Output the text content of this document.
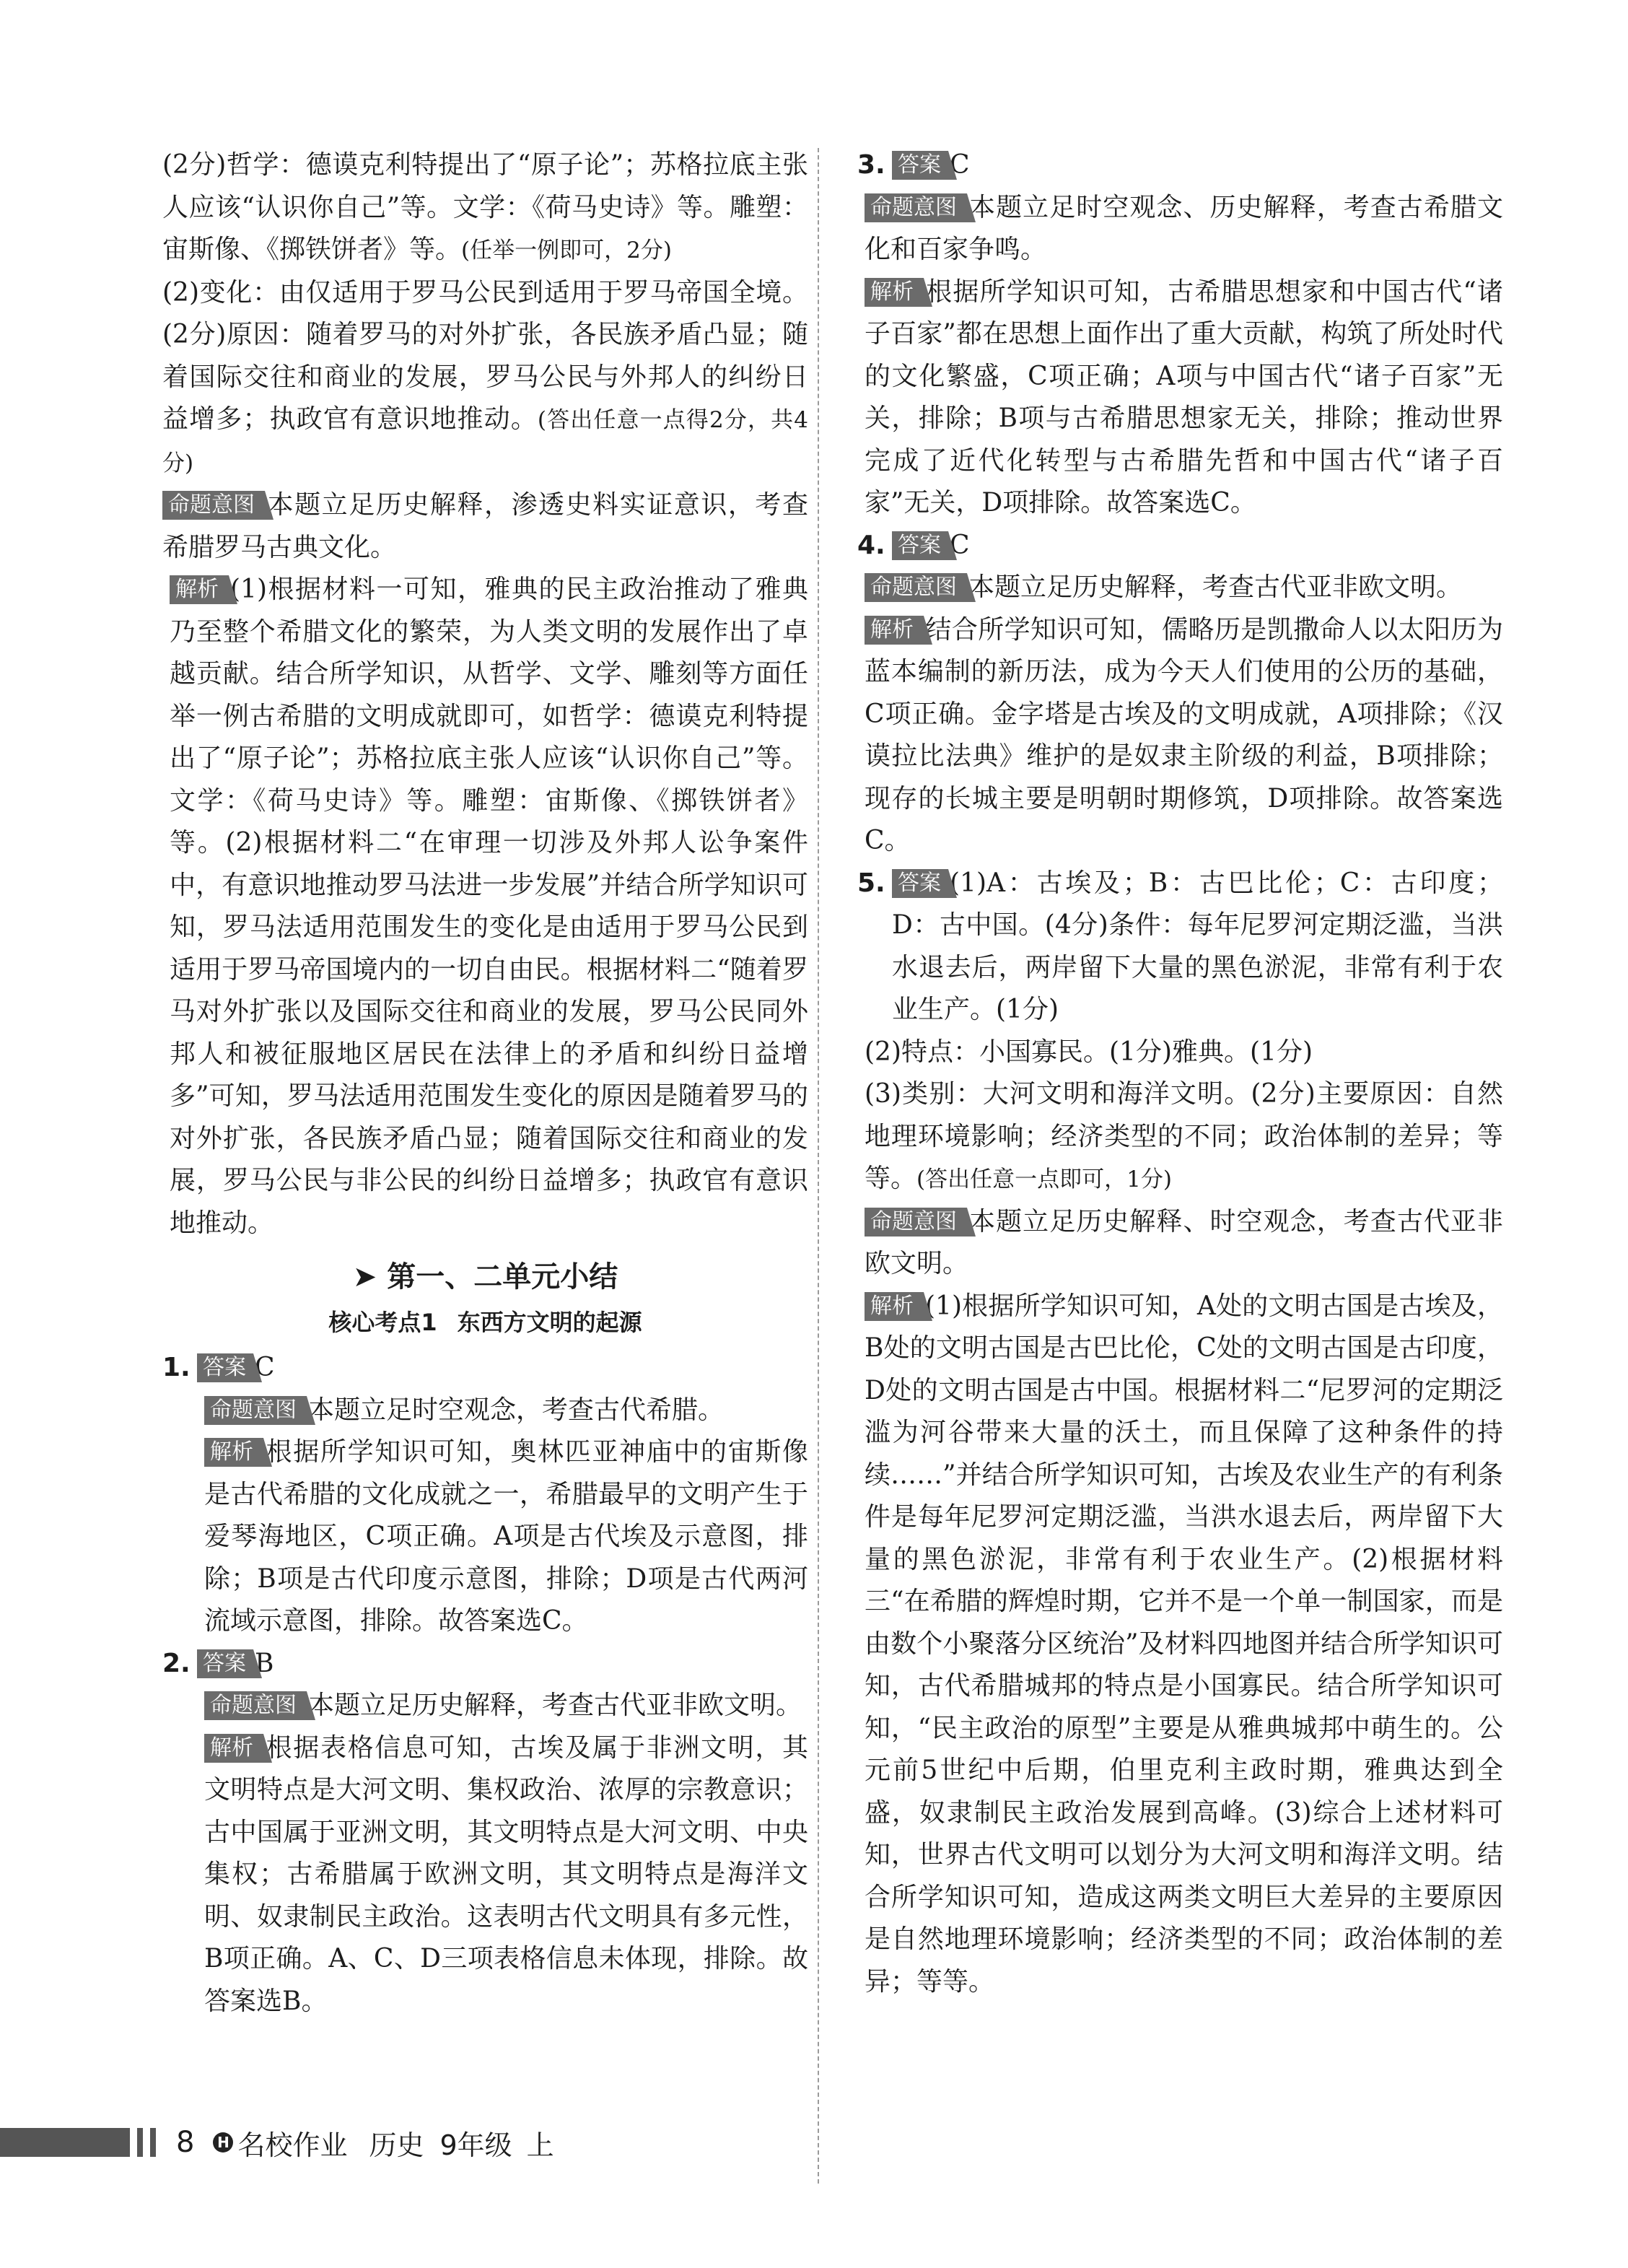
(2分)哲学：德谟克利特提出了“原子论”；苏格拉底主张人应该“认识你自己”等。文学：《荷马史诗》等。雕塑：宙斯像、《掷铁饼者》等。(任举一例即可，2分)

(2)变化：由仅适用于罗马公民到适用于罗马帝国全境。(2分)原因：随着罗马的对外扩张，各民族矛盾凸显；随着国际交往和商业的发展，罗马公民与外邦人的纠纷日益增多；执政官有意识地推动。(答出任意一点得2分，共4分)

命题意图 本题立足历史解释，渗透史料实证意识，考查希腊罗马古典文化。

解析 (1)根据材料一可知，雅典的民主政治推动了雅典乃至整个希腊文化的繁荣，为人类文明的发展作出了卓越贡献。结合所学知识，从哲学、文学、雕刻等方面任举一例古希腊的文明成就即可，如哲学：德谟克利特提出了“原子论”；苏格拉底主张人应该“认识你自己”等。文学：《荷马史诗》等。雕塑：宙斯像、《掷铁饼者》等。(2)根据材料二“在审理一切涉及外邦人讼争案件中，有意识地推动罗马法进一步发展”并结合所学知识可知，罗马法适用范围发生的变化是由适用于罗马公民到适用于罗马帝国境内的一切自由民。根据材料二“随着罗马对外扩张以及国际交往和商业的发展，罗马公民同外邦人和被征服地区居民在法律上的矛盾和纠纷日益增多”可知，罗马法适用范围发生变化的原因是随着罗马的对外扩张，各民族矛盾凸显；随着国际交往和商业的发展，罗马公民与非公民的纠纷日益增多；执政官有意识地推动。

➤ 第一、二单元小结
核心考点1 东西方文明的起源
1. 答案 C

命题意图 本题立足时空观念，考查古代希腊。

解析 根据所学知识可知，奥林匹亚神庙中的宙斯像是古代希腊的文化成就之一，希腊最早的文明产生于爱琴海地区，C项正确。A项是古代埃及示意图，排除；B项是古代印度示意图，排除；D项是古代两河流域示意图，排除。故答案选C。

2. 答案 B

命题意图 本题立足历史解释，考查古代亚非欧文明。

解析 根据表格信息可知，古埃及属于非洲文明，其文明特点是大河文明、集权政治、浓厚的宗教意识；古中国属于亚洲文明，其文明特点是大河文明、中央集权；古希腊属于欧洲文明，其文明特点是海洋文明、奴隶制民主政治。这表明古代文明具有多元性，B项正确。A、C、D三项表格信息未体现，排除。故答案选B。

3. 答案 C

命题意图 本题立足时空观念、历史解释，考查古希腊文化和百家争鸣。

解析 根据所学知识可知，古希腊思想家和中国古代“诸子百家”都在思想上面作出了重大贡献，构筑了所处时代的文化繁盛，C项正确；A项与中国古代“诸子百家”无关，排除；B项与古希腊思想家无关，排除；推动世界完成了近代化转型与古希腊先哲和中国古代“诸子百家”无关，D项排除。故答案选C。

4. 答案 C

命题意图 本题立足历史解释，考查古代亚非欧文明。

解析 结合所学知识可知，儒略历是凯撒命人以太阳历为蓝本编制的新历法，成为今天人们使用的公历的基础，C项正确。金字塔是古埃及的文明成就，A项排除；《汉谟拉比法典》维护的是奴隶主阶级的利益，B项排除；现存的长城主要是明朝时期修筑，D项排除。故答案选C。

5. 答案 (1)A：古埃及；B：古巴比伦；C：古印度；D：古中国。(4分)条件：每年尼罗河定期泛滥，当洪水退去后，两岸留下大量的黑色淤泥，非常有利于农业生产。(1分)

(2)特点：小国寡民。(1分)雅典。(1分)

(3)类别：大河文明和海洋文明。(2分)主要原因：自然地理环境影响；经济类型的不同；政治体制的差异；等等。(答出任意一点即可，1分)

命题意图 本题立足历史解释、时空观念，考查古代亚非欧文明。

解析 (1)根据所学知识可知，A处的文明古国是古埃及，B处的文明古国是古巴比伦，C处的文明古国是古印度，D处的文明古国是古中国。根据材料二“尼罗河的定期泛滥为河谷带来大量的沃土，而且保障了这种条件的持续……”并结合所学知识可知，古埃及农业生产的有利条件是每年尼罗河定期泛滥，当洪水退去后，两岸留下大量的黑色淤泥，非常有利于农业生产。(2)根据材料三“在希腊的辉煌时期，它并不是一个单一制国家，而是由数个小聚落分区统治”及材料四地图并结合所学知识可知，古代希腊城邦的特点是小国寡民。结合所学知识可知，“民主政治的原型”主要是从雅典城邦中萌生的。公元前5世纪中后期，伯里克利主政时期，雅典达到全盛，奴隶制民主政治发展到高峰。(3)综合上述材料可知，世界古代文明可以划分为大河文明和海洋文明。结合所学知识可知，造成这两类文明巨大差异的主要原因是自然地理环境影响；经济类型的不同；政治体制的差异；等等。

8 H 名校作业 历史 9年级 上
